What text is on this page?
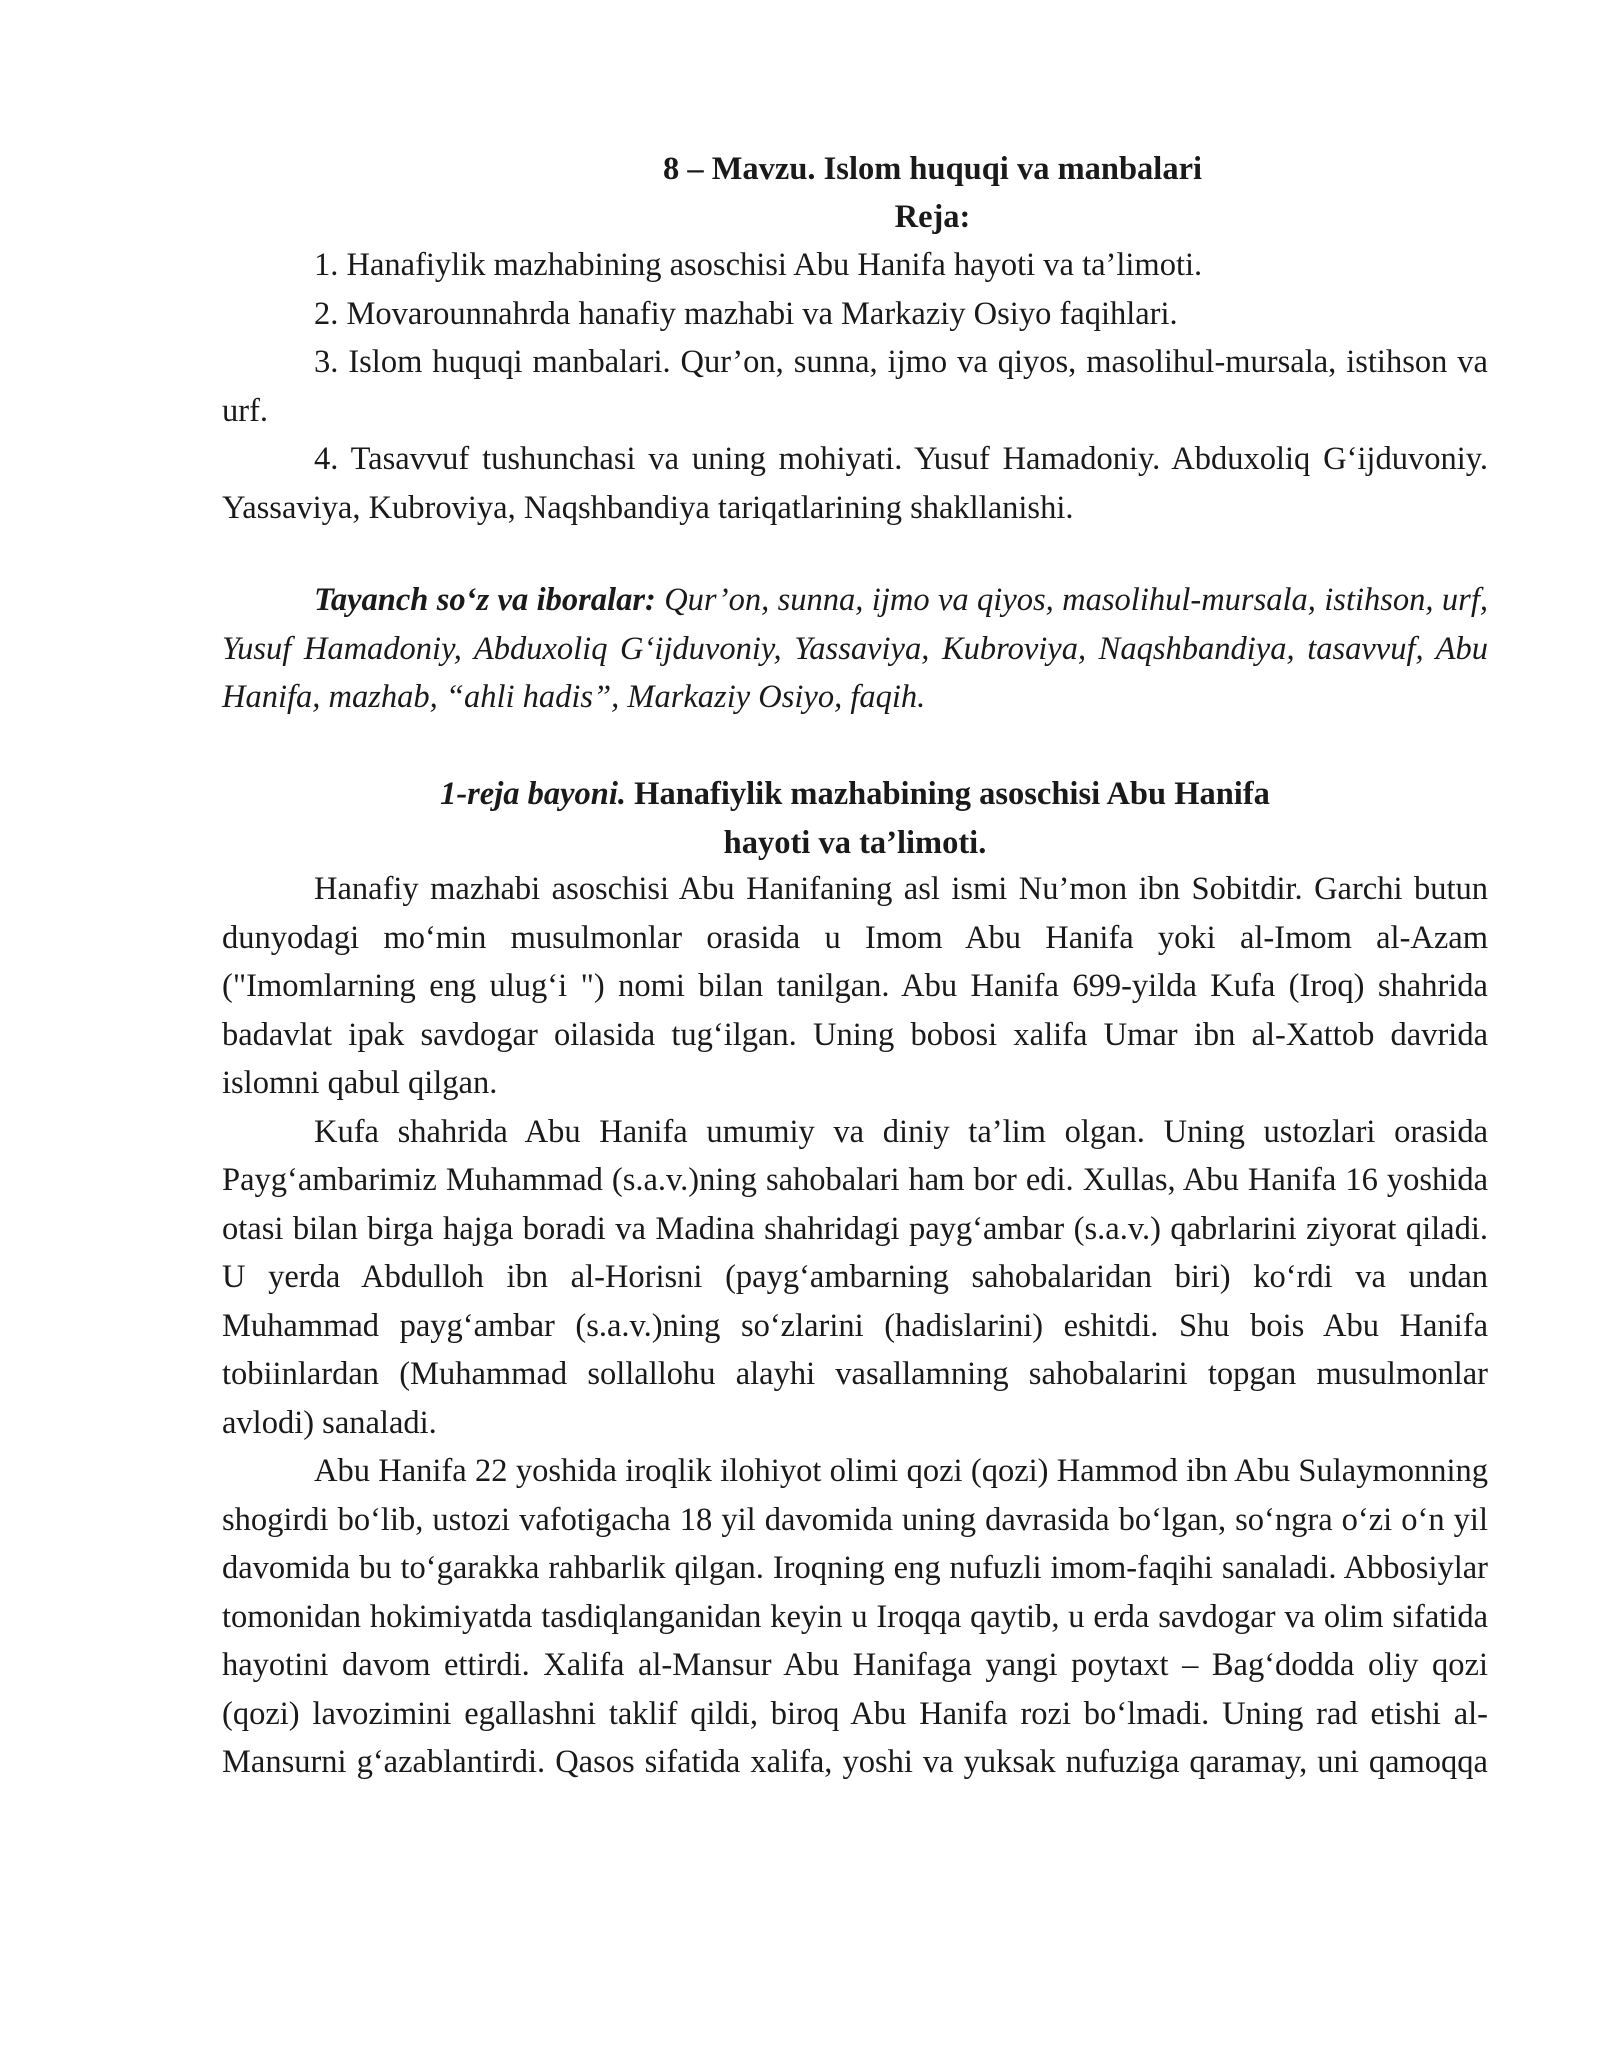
8 – Mavzu. Islom huquqi va manbalari
Reja:

1. Hanafiylik mazhabining asoschisi Abu Hanifa hayoti va ta’limoti.

2. Movarounnahrda hanafiy mazhabi va Markaziy Osiyo faqihlari.

3. Islom huquqi manbalari. Qur’on, sunna, ijmo va qiyos, masolihul-mursala, istihson va urf.

4. Tasavvuf tushunchasi va uning mohiyati. Yusuf Hamadoniy. Abduxoliq G‘ijduvoniy. Yassaviya, Kubroviya, Naqshbandiya tariqatlarining shakllanishi.

Tayanch so‘z va iboralar: Qur’on, sunna, ijmo va qiyos, masolihul-mursala, istihson, urf, Yusuf Hamadoniy, Abduxoliq G‘ijduvoniy, Yassaviya, Kubroviya, Naqshbandiya, tasavvuf, Abu Hanifa, mazhab, “ahli hadis”, Markaziy Osiyo, faqih.

1-reja bayoni. Hanafiylik mazhabining asoschisi Abu Hanifa

hayoti va ta’limoti.

Hanafiy mazhabi asoschisi Abu Hanifaning asl ismi Nu’mon ibn Sobitdir. Garchi butun dunyodagi mo‘min musulmonlar orasida u Imom Abu Hanifa yoki al-Imom al-Azam ("Imomlarning eng ulug‘i ") nomi bilan tanilgan. Abu Hanifa 699-yilda Kufa (Iroq) shahrida badavlat ipak savdogar oilasida tug‘ilgan. Uning bobosi xalifa Umar ibn al-Xattob davrida islomni qabul qilgan.

Kufa shahrida Abu Hanifa umumiy va diniy ta’lim olgan. Uning ustozlari orasida Payg‘ambarimiz Muhammad (s.a.v.)ning sahobalari ham bor edi. Xullas, Abu Hanifa 16 yoshida otasi bilan birga hajga boradi va Madina shahridagi payg‘ambar (s.a.v.) qabrlarini ziyorat qiladi. U yerda Abdulloh ibn al-Horisni (payg‘ambarning sahobalaridan biri) ko‘rdi va undan Muhammad payg‘ambar (s.a.v.)ning so‘zlarini (hadislarini) eshitdi. Shu bois Abu Hanifa tobiinlardan (Muhammad sollallohu alayhi vasallamning sahobalarini topgan musulmonlar avlodi) sanaladi.

Abu Hanifa 22 yoshida iroqlik ilohiyot olimi qozi (qozi) Hammod ibn Abu Sulaymonning shogirdi bo‘lib, ustozi vafotigacha 18 yil davomida uning davrasida bo‘lgan, so‘ngra o‘zi o‘n yil davomida bu to‘garakka rahbarlik qilgan. Iroqning eng nufuzli imom-faqihi sanaladi. Abbosiylar tomonidan hokimiyatda tasdiqlanganidan keyin u Iroqqa qaytib, u erda savdogar va olim sifatida hayotini davom ettirdi. Xalifa al-Mansur Abu Hanifaga yangi poytaxt – Bag‘dodda oliy qozi (qozi) lavozimini egallashni taklif qildi, biroq Abu Hanifa rozi bo‘lmadi. Uning rad etishi al-Mansurni g‘azablantirdi. Qasos sifatida xalifa, yoshi va yuksak nufuziga qaramay, uni qamoqqa
